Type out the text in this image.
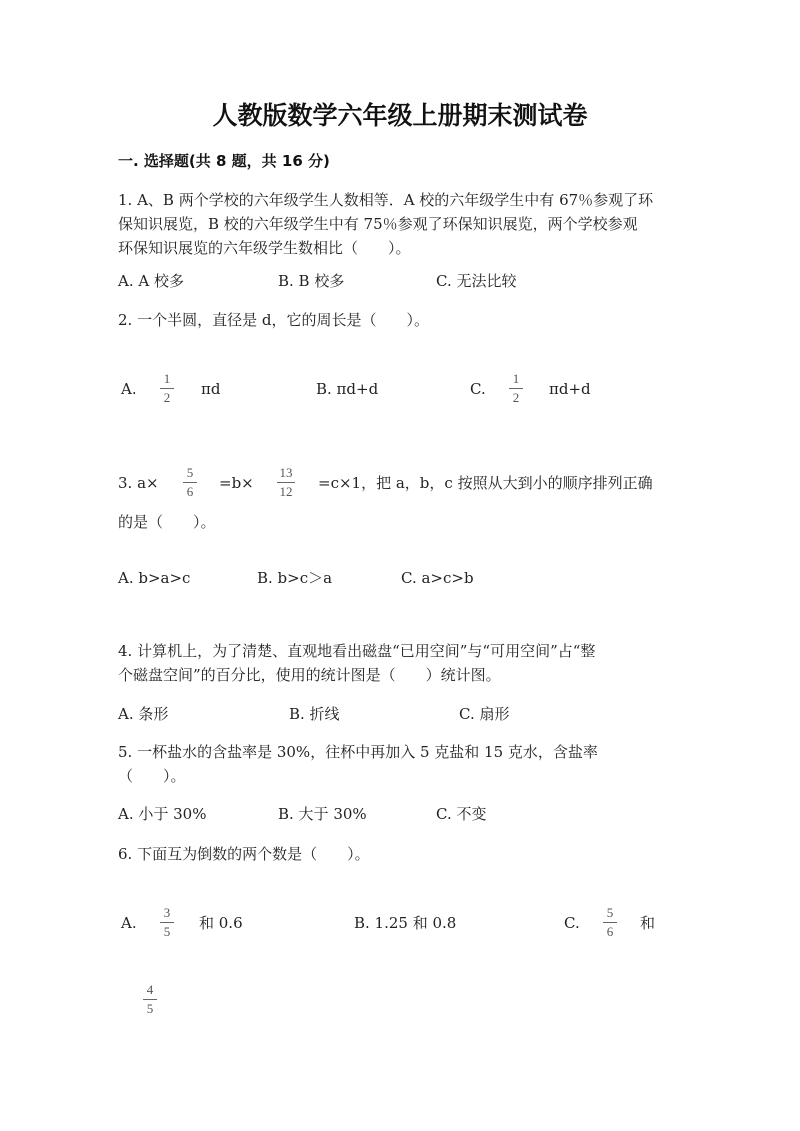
人教版数学六年级上册期末测试卷
一. 选择题(共 8 题，共 16 分)
1. A、B 两个学校的六年级学生人数相等．A 校的六年级学生中有 67％参观了环
保知识展览，B 校的六年级学生中有 75％参观了环保知识展览，两个学校参观
环保知识展览的六年级学生数相比（　　）。
A. A 校多	B. B 校多	C. 无法比较
2. 一个半圆，直径是 d，它的周长是（　　）。
A.
1
2 πd	B. πd+d	C.
1
2 πd+d
3. a×
5
6 =b×
13
12 =c×1，把 a，b，c 按照从大到小的顺序排列正确
的是（　　）。
A. b>a>c	B. b>c＞a	C. a>c>b
4. 计算机上，为了清楚、直观地看出磁盘“已用空间”与“可用空间”占“整
个磁盘空间”的百分比，使用的统计图是（　　）统计图。
A. 条形	B. 折线	C. 扇形
5. 一杯盐水的含盐率是 30%，往杯中再加入 5 克盐和 15 克水，含盐率
（　　）。
A. 小于 30%	B. 大于 30%	C. 不变
6. 下面互为倒数的两个数是（　　）。
A.
3
5 和 0.6	B. 1.25 和 0.8	C.
5
6 和
4
5
